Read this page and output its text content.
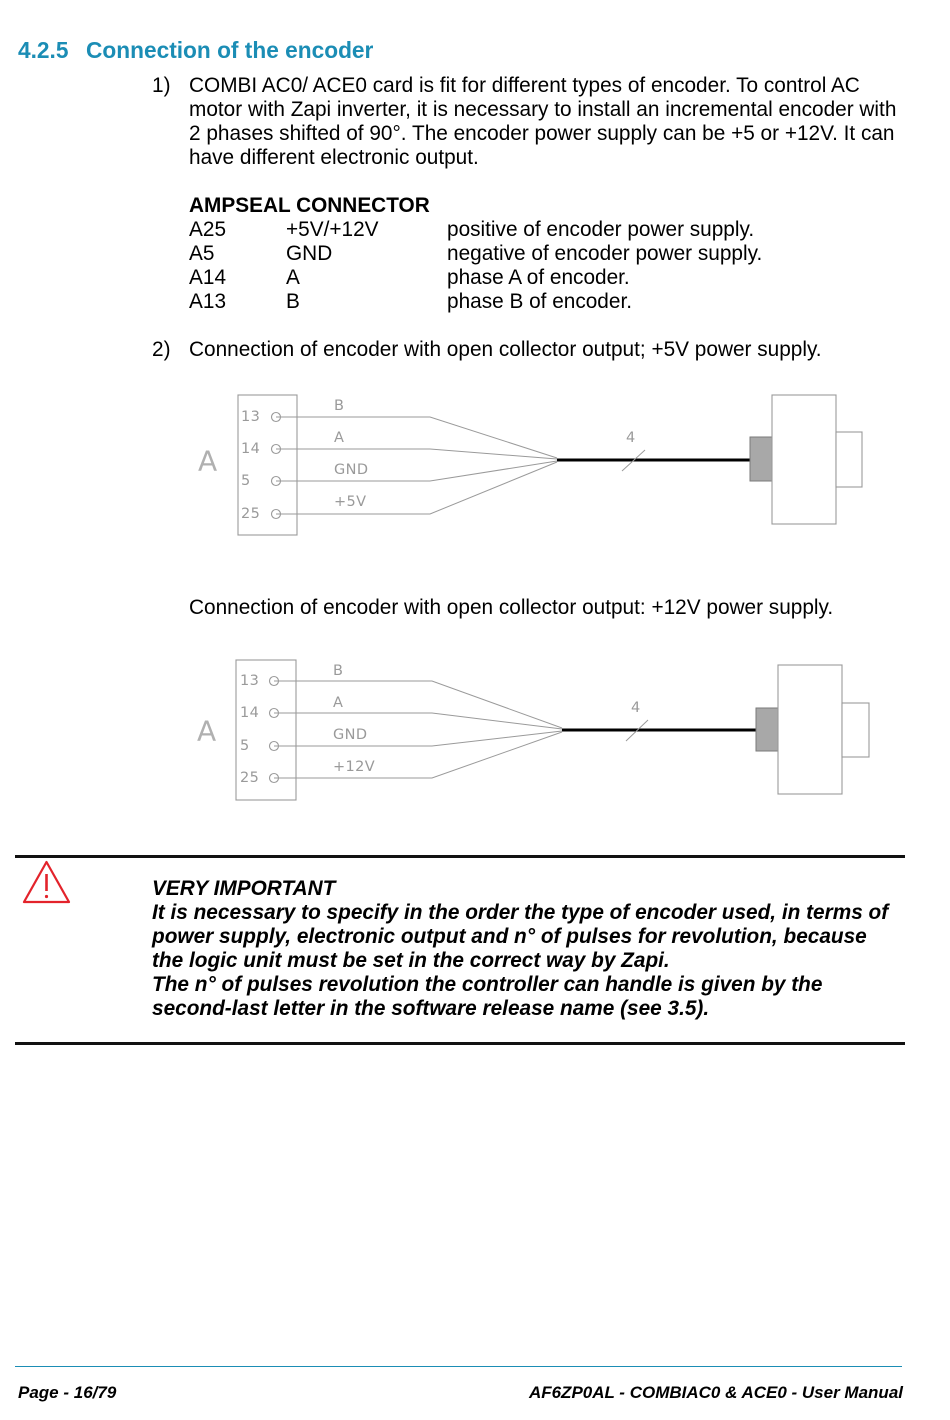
4.2.5 Connection of the encoder
1) COMBI AC0/ ACE0 card is fit for different types of encoder. To control AC
motor with Zapi inverter, it is necessary to install an incremental encoder with
2 phases shifted of 90°. The encoder power supply can be +5 or +12V. It can
have different electronic output.
AMPSEAL CONNECTOR
A25	+5V/+12V	positive of encoder power supply.
A5	GND	negative of encoder power supply.
A14	A	phase A of encoder.
A13	B	phase B of encoder.
2) Connection of encoder with open collector output; +5V power supply.
A
13
14
5
25
B
A
GND
+5V
4
Connection of encoder with open collector output: +12V power supply.
A
13
14
5
25
B
A
GND
+12V
4
VERY IMPORTANT
It is necessary to specify in the order the type of encoder used, in terms of
power supply, electronic output and n° of pulses for revolution, because
the logic unit must be set in the correct way by Zapi.
The n° of pulses revolution the controller can handle is given by the
second-last letter in the software release name (see 3.5).
Page - 16/79	AF6ZP0AL - COMBIAC0 & ACE0 - User Manual
